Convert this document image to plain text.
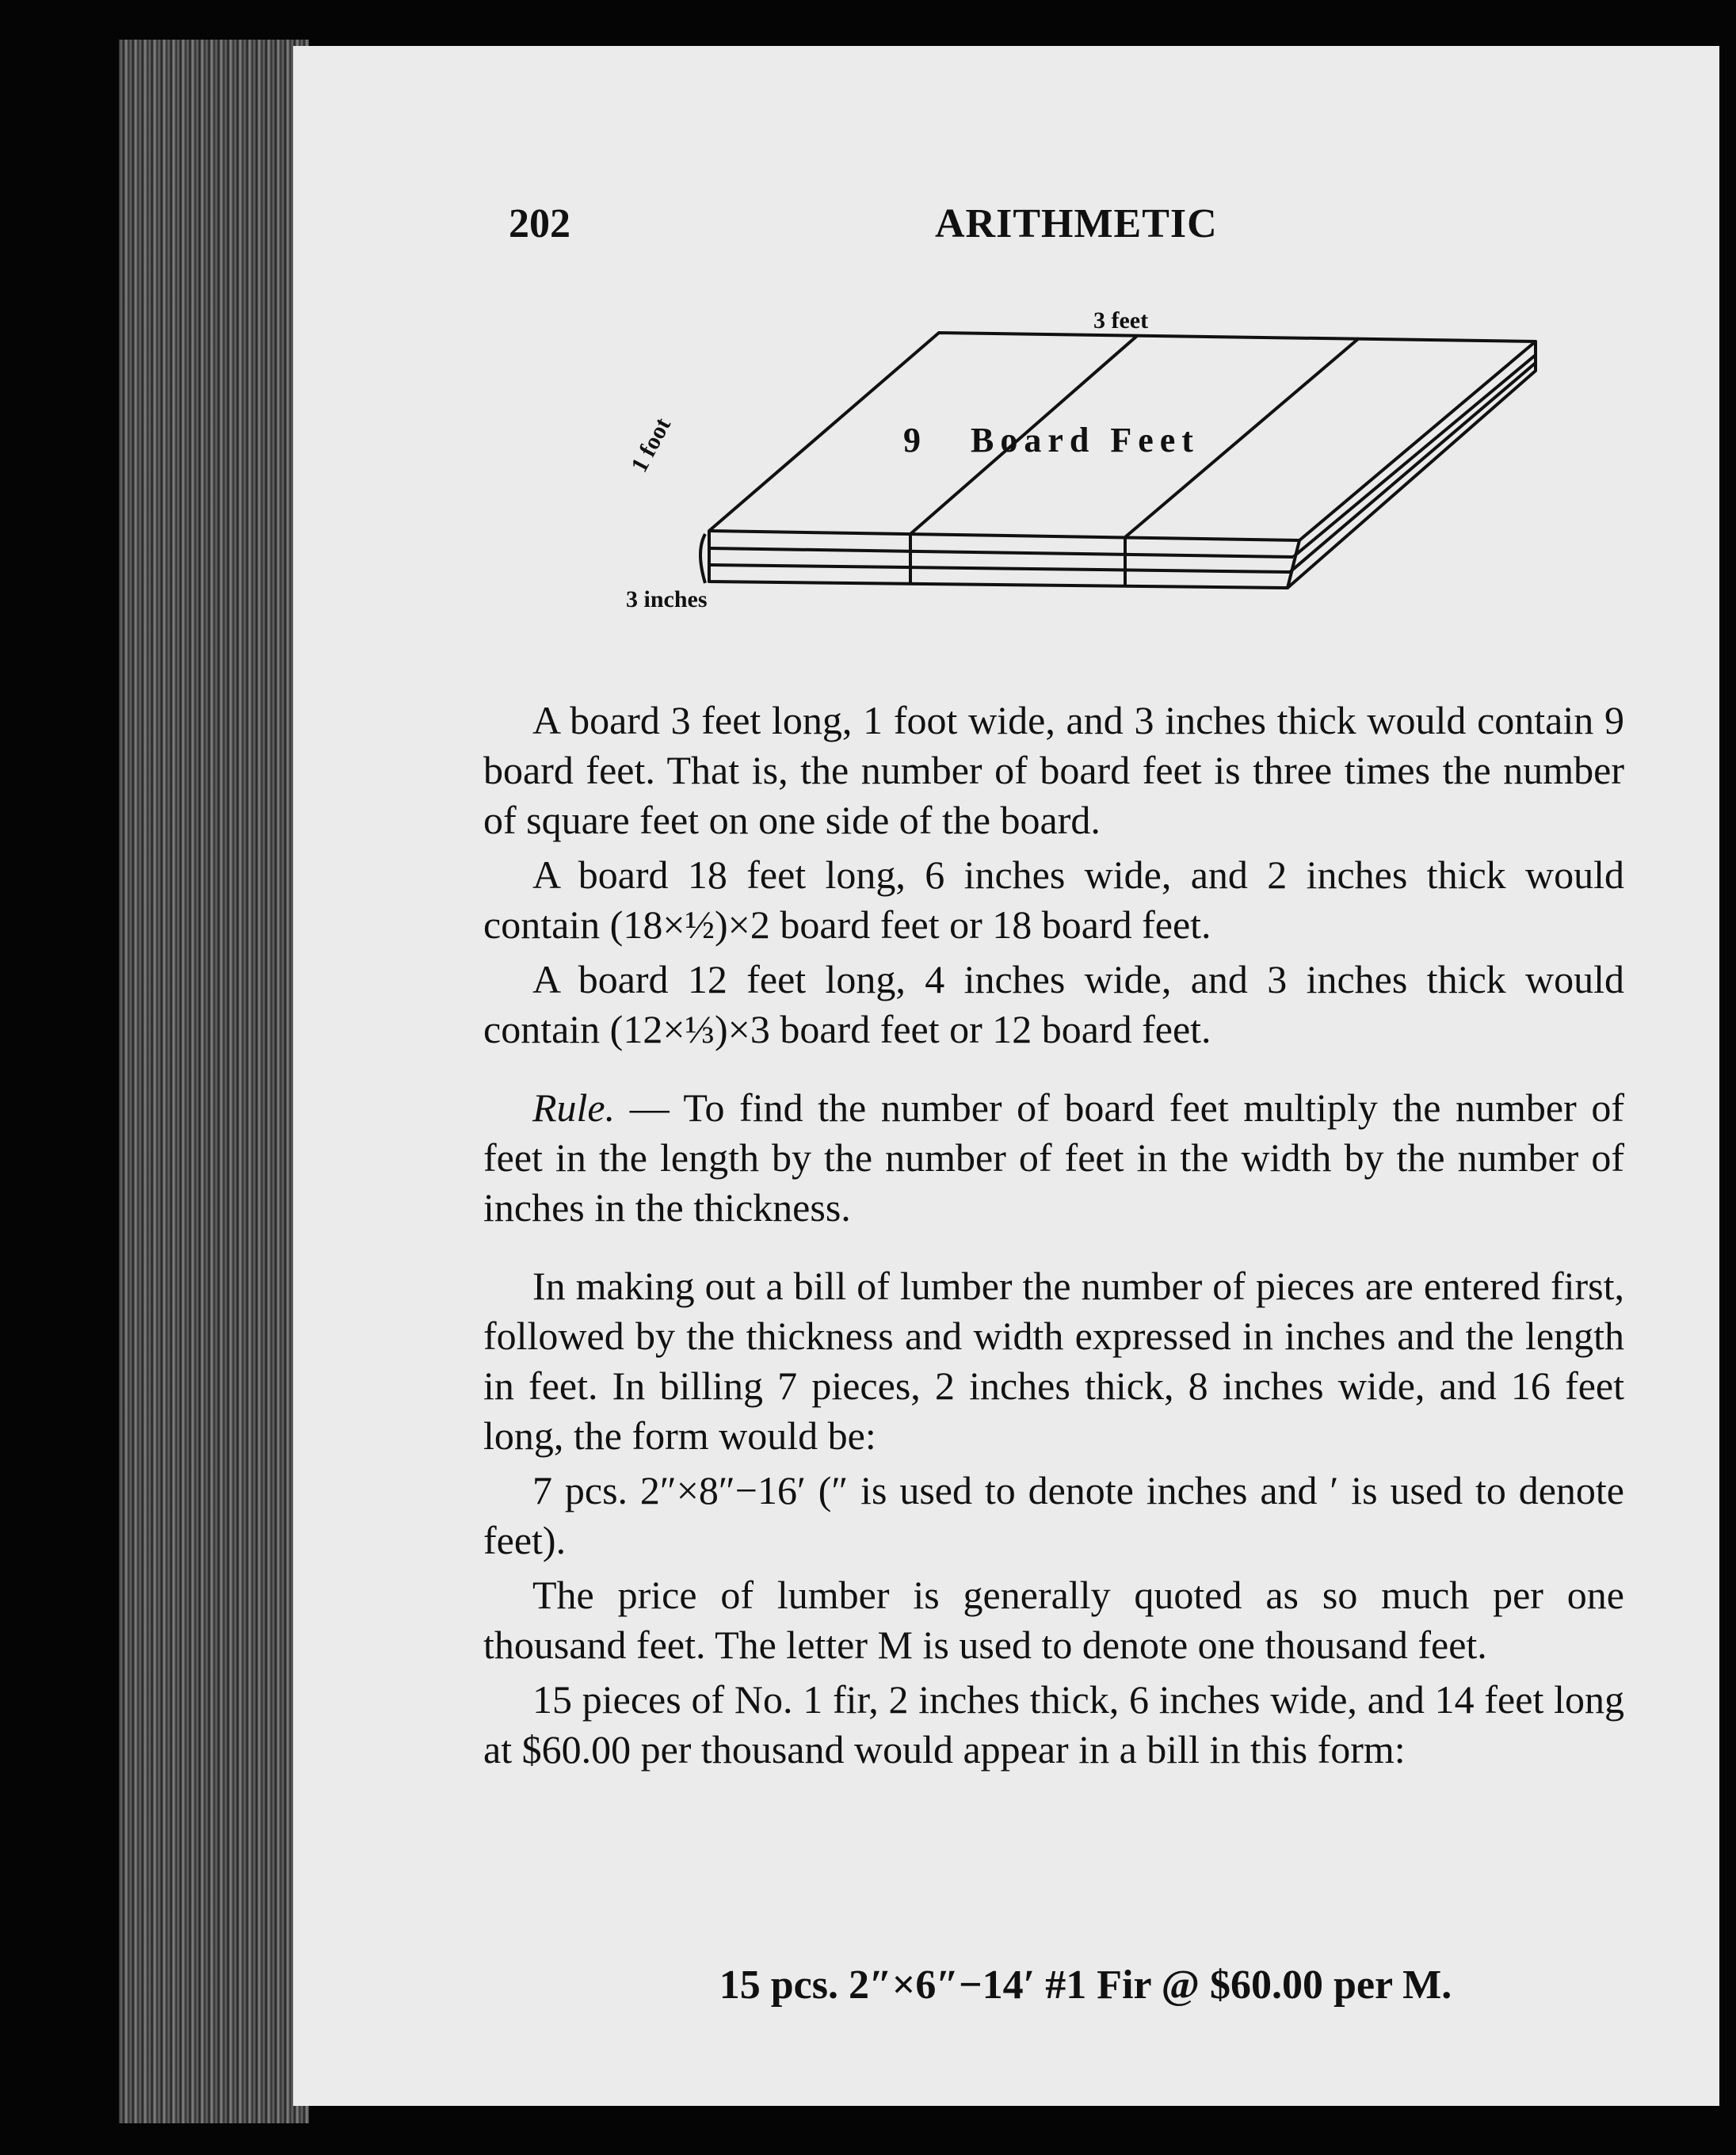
202	ARITHMETIC
3 feet
1 foot
3 inches
9 Board Feet

A board 3 feet long, 1 foot wide, and 3 inches thick would contain 9 board feet. That is, the number of board feet is three times the number of square feet on one side of the board.

A board 18 feet long, 6 inches wide, and 2 inches thick would contain (18×½)×2 board feet or 18 board feet.

A board 12 feet long, 4 inches wide, and 3 inches thick would contain (12×⅓)×3 board feet or 12 board feet.

Rule. — To find the number of board feet multiply the number of feet in the length by the number of feet in the width by the number of inches in the thickness.

In making out a bill of lumber the number of pieces are entered first, followed by the thickness and width expressed in inches and the length in feet. In billing 7 pieces, 2 inches thick, 8 inches wide, and 16 feet long, the form would be:

7 pcs. 2″×8″−16′ (″ is used to denote inches and ′ is used to denote feet).

The price of lumber is generally quoted as so much per one thousand feet. The letter M is used to denote one thousand feet.

15 pieces of No. 1 fir, 2 inches thick, 6 inches wide, and 14 feet long at $60.00 per thousand would appear in a bill in this form:

15 pcs. 2″×6″−14′ #1 Fir @ $60.00 per M.
